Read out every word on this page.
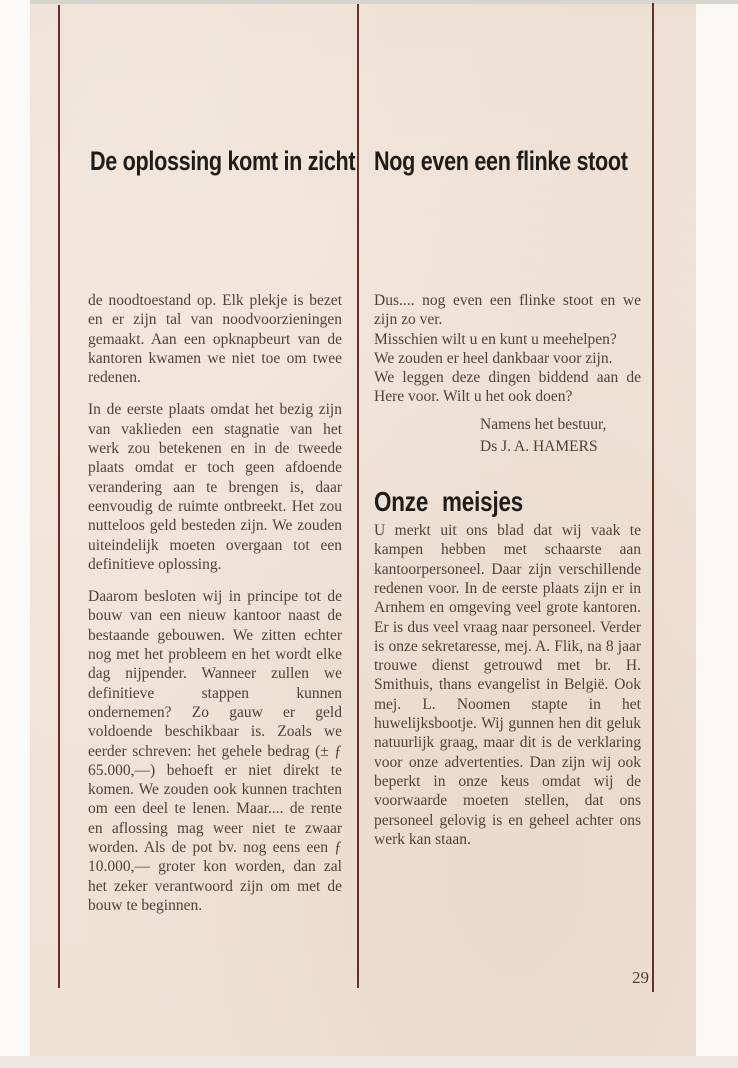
De oplossing komt in zicht Nog even een flinke stoot

de noodtoestand op. Elk plekje is bezet en er zijn tal van noodvoorzieningen gemaakt. Aan een opknapbeurt van de kantoren kwamen we niet toe om twee redenen.

In de eerste plaats omdat het bezig zijn van vaklieden een stagnatie van het werk zou betekenen en in de tweede plaats omdat er toch geen afdoende verandering aan te brengen is, daar eenvoudig de ruimte ontbreekt. Het zou nutteloos geld besteden zijn. We zouden uiteindelijk moeten overgaan tot een definitieve oplossing.

Daarom besloten wij in principe tot de bouw van een nieuw kantoor naast de bestaande gebouwen. We zitten echter nog met het probleem en het wordt elke dag nijpender. Wanneer zullen we definitieve stappen kunnen ondernemen? Zo gauw er geld voldoende beschikbaar is. Zoals we eerder schreven: het gehele bedrag (± ƒ 65.000,—) behoeft er niet direkt te komen. We zouden ook kunnen trachten om een deel te lenen. Maar.... de rente en aflossing mag weer niet te zwaar worden. Als de pot bv. nog eens een ƒ 10.000,— groter kon worden, dan zal het zeker verantwoord zijn om met de bouw te beginnen.

Dus.... nog even een flinke stoot en we zijn zo ver.

Misschien wilt u en kunt u meehelpen?

We zouden er heel dankbaar voor zijn.

We leggen deze dingen biddend aan de Here voor. Wilt u het ook doen?

Namens het bestuur,
Ds J. A. HAMERS
Onze meisjes

U merkt uit ons blad dat wij vaak te kampen hebben met schaarste aan kantoorpersoneel. Daar zijn verschillende redenen voor. In de eerste plaats zijn er in Arnhem en omgeving veel grote kantoren. Er is dus veel vraag naar personeel. Verder is onze sekretaresse, mej. A. Flik, na 8 jaar trouwe dienst getrouwd met br. H. Smithuis, thans evangelist in België. Ook mej. L. Noomen stapte in het huwelijksbootje. Wij gunnen hen dit geluk natuurlijk graag, maar dit is de verklaring voor onze advertenties. Dan zijn wij ook beperkt in onze keus omdat wij de voorwaarde moeten stellen, dat ons personeel gelovig is en geheel achter ons werk kan staan.

29
